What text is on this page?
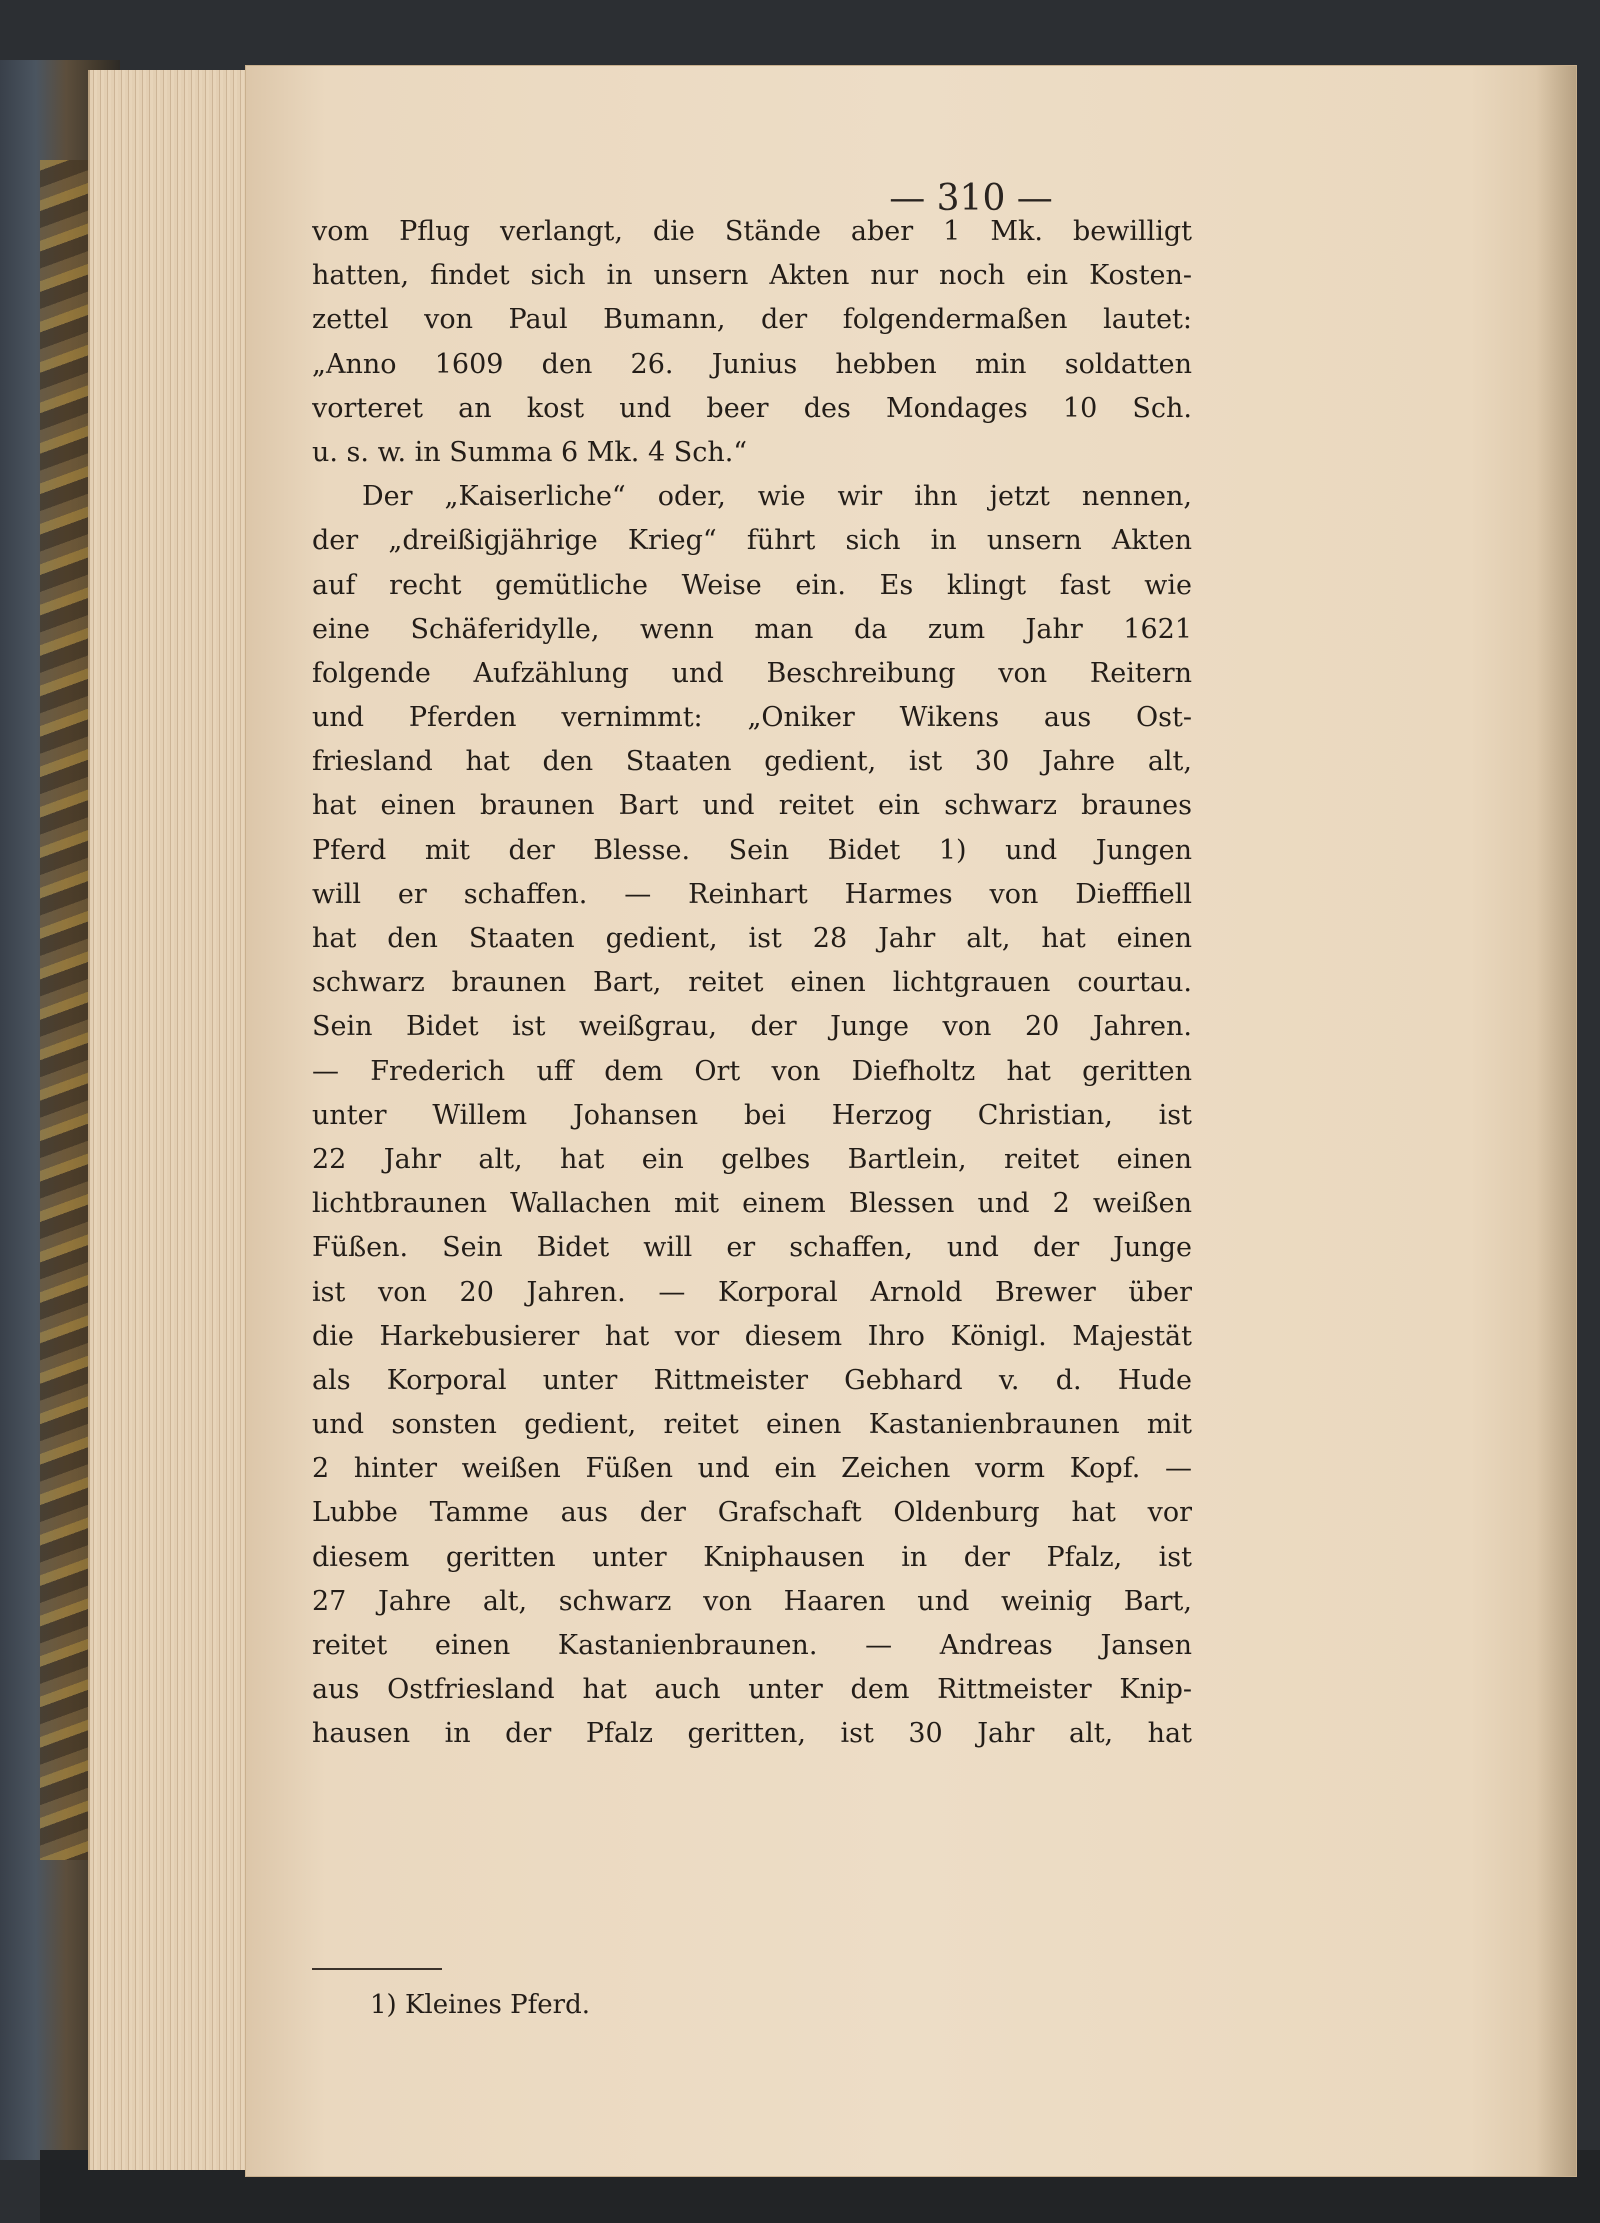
— 310 —
vom Pflug verlangt, die Stände aber 1 Mk. bewilligt
hatten, findet sich in unsern Akten nur noch ein Kosten-
zettel von Paul Bumann, der folgendermaßen lautet:
„Anno 1609 den 26. Junius hebben min soldatten
vorteret an kost und beer des Mondages 10 Sch.
u. s. w. in Summa 6 Mk. 4 Sch.“
Der „Kaiserliche“ oder, wie wir ihn jetzt nennen,
der „dreißigjährige Krieg“ führt sich in unsern Akten
auf recht gemütliche Weise ein. Es klingt fast wie
eine Schäferidylle, wenn man da zum Jahr 1621
folgende Aufzählung und Beschreibung von Reitern
und Pferden vernimmt: „Oniker Wikens aus Ost-
friesland hat den Staaten gedient, ist 30 Jahre alt,
hat einen braunen Bart und reitet ein schwarz braunes
Pferd mit der Blesse. Sein Bidet 1) und Jungen
will er schaffen. — Reinhart Harmes von Diefffiell
hat den Staaten gedient, ist 28 Jahr alt, hat einen
schwarz braunen Bart, reitet einen lichtgrauen courtau.
Sein Bidet ist weißgrau, der Junge von 20 Jahren.
— Frederich uff dem Ort von Diefholtz hat geritten
unter Willem Johansen bei Herzog Christian, ist
22 Jahr alt, hat ein gelbes Bartlein, reitet einen
lichtbraunen Wallachen mit einem Blessen und 2 weißen
Füßen. Sein Bidet will er schaffen, und der Junge
ist von 20 Jahren. — Korporal Arnold Brewer über
die Harkebusierer hat vor diesem Ihro Königl. Majestät
als Korporal unter Rittmeister Gebhard v. d. Hude
und sonsten gedient, reitet einen Kastanienbraunen mit
2 hinter weißen Füßen und ein Zeichen vorm Kopf. —
Lubbe Tamme aus der Grafschaft Oldenburg hat vor
diesem geritten unter Kniphausen in der Pfalz, ist
27 Jahre alt, schwarz von Haaren und weinig Bart,
reitet einen Kastanienbraunen. — Andreas Jansen
aus Ostfriesland hat auch unter dem Rittmeister Knip-
hausen in der Pfalz geritten, ist 30 Jahr alt, hat
1) Kleines Pferd.
